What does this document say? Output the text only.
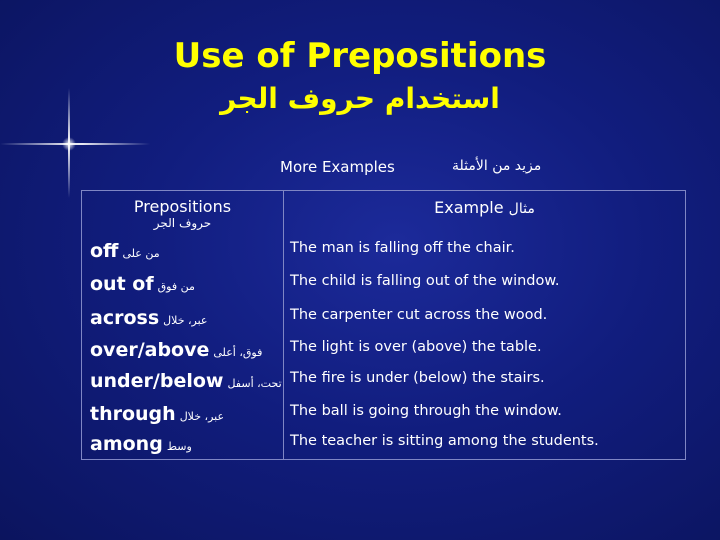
Use of Prepositions
استخدام حروف الجر
More Examples	مزيد من الأمثلة
Prepositions
حروف الجر
Example مثال
off من على	The man is falling off the chair.
out of من فوق	The child is falling out of the window.
across عبر، خلال	The carpenter cut across the wood.
over/above فوق، أعلى The light is over (above) the table.
under/below تحت، أسفل The fire is under (below) the stairs.
through عبر، خلال	The ball is going through the window.
among وسط	The teacher is sitting among the students.
